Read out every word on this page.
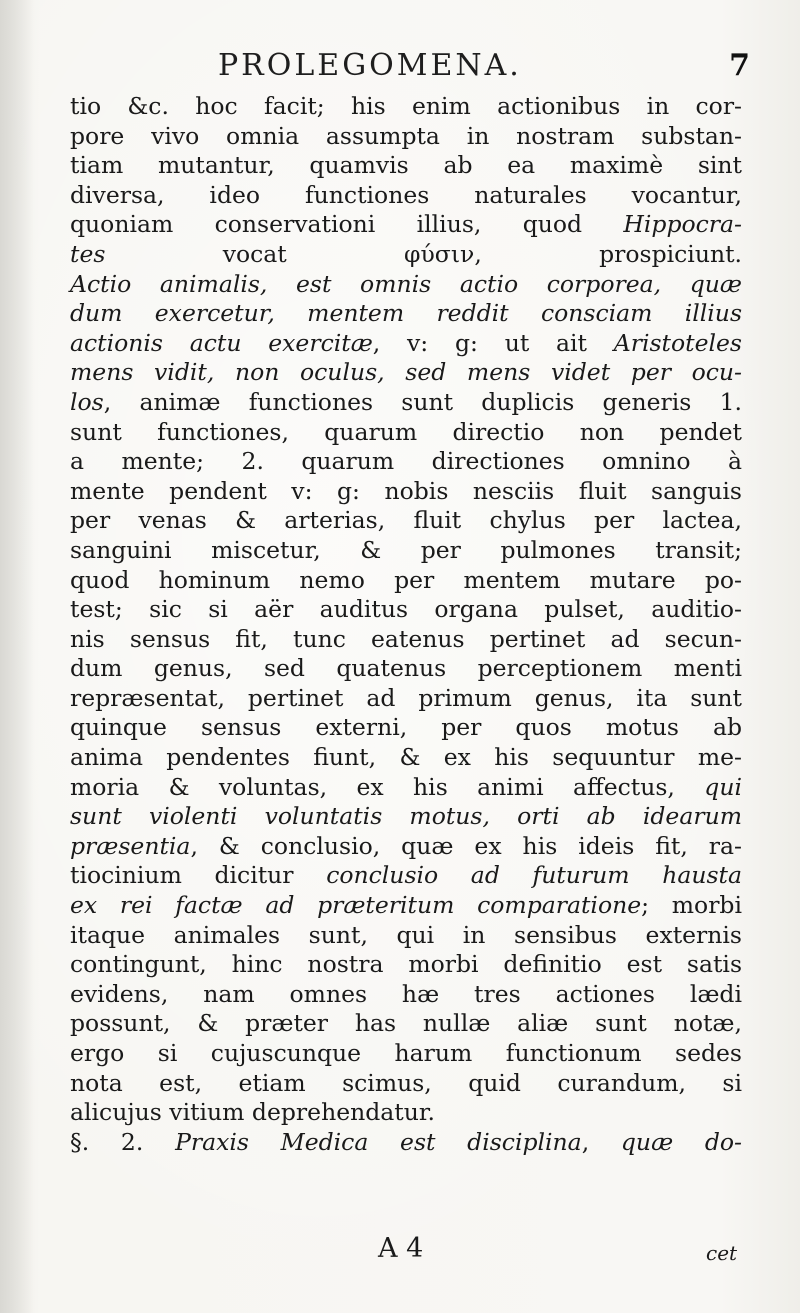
PROLEGOMENA.	7
tio &c. hoc facit; his enim actionibus in cor-
pore vivo omnia assumpta in nostram substan-
tiam mutantur, quamvis ab ea maximè sint
diversa, ideo functiones naturales vocantur,
quoniam conservationi illius, quod Hippocra-
tes vocat φύσιν, prospiciunt.
Actio animalis, est omnis actio corporea, quæ
dum exercetur, mentem reddit consciam illius
actionis actu exercitæ, v: g: ut ait Aristoteles
mens vidit, non oculus, sed mens videt per ocu-
los, animæ functiones sunt duplicis generis 1.
sunt functiones, quarum directio non pendet
a mente; 2. quarum directiones omnino à
mente pendent v: g: nobis nesciis fluit sanguis
per venas & arterias, fluit chylus per lactea,
sanguini miscetur, & per pulmones transit;
quod hominum nemo per mentem mutare po-
test; sic si aër auditus organa pulset, auditio-
nis sensus fit, tunc eatenus pertinet ad secun-
dum genus, sed quatenus perceptionem menti
repræsentat, pertinet ad primum genus, ita sunt
quinque sensus externi, per quos motus ab
anima pendentes fiunt, & ex his sequuntur me-
moria & voluntas, ex his animi affectus, qui
sunt violenti voluntatis motus, orti ab idearum
præsentia, & conclusio, quæ ex his ideis fit, ra-
tiocinium dicitur conclusio ad futurum hausta
ex rei factæ ad præteritum comparatione; morbi
itaque animales sunt, qui in sensibus externis
contingunt, hinc nostra morbi definitio est satis
evidens, nam omnes hæ tres actiones lædi
possunt, & præter has nullæ aliæ sunt notæ,
ergo si cujuscunque harum functionum sedes
nota est, etiam scimus, quid curandum, si
alicujus vitium deprehendatur.
§. 2. Praxis Medica est disciplina, quæ do-
A 4	cet
